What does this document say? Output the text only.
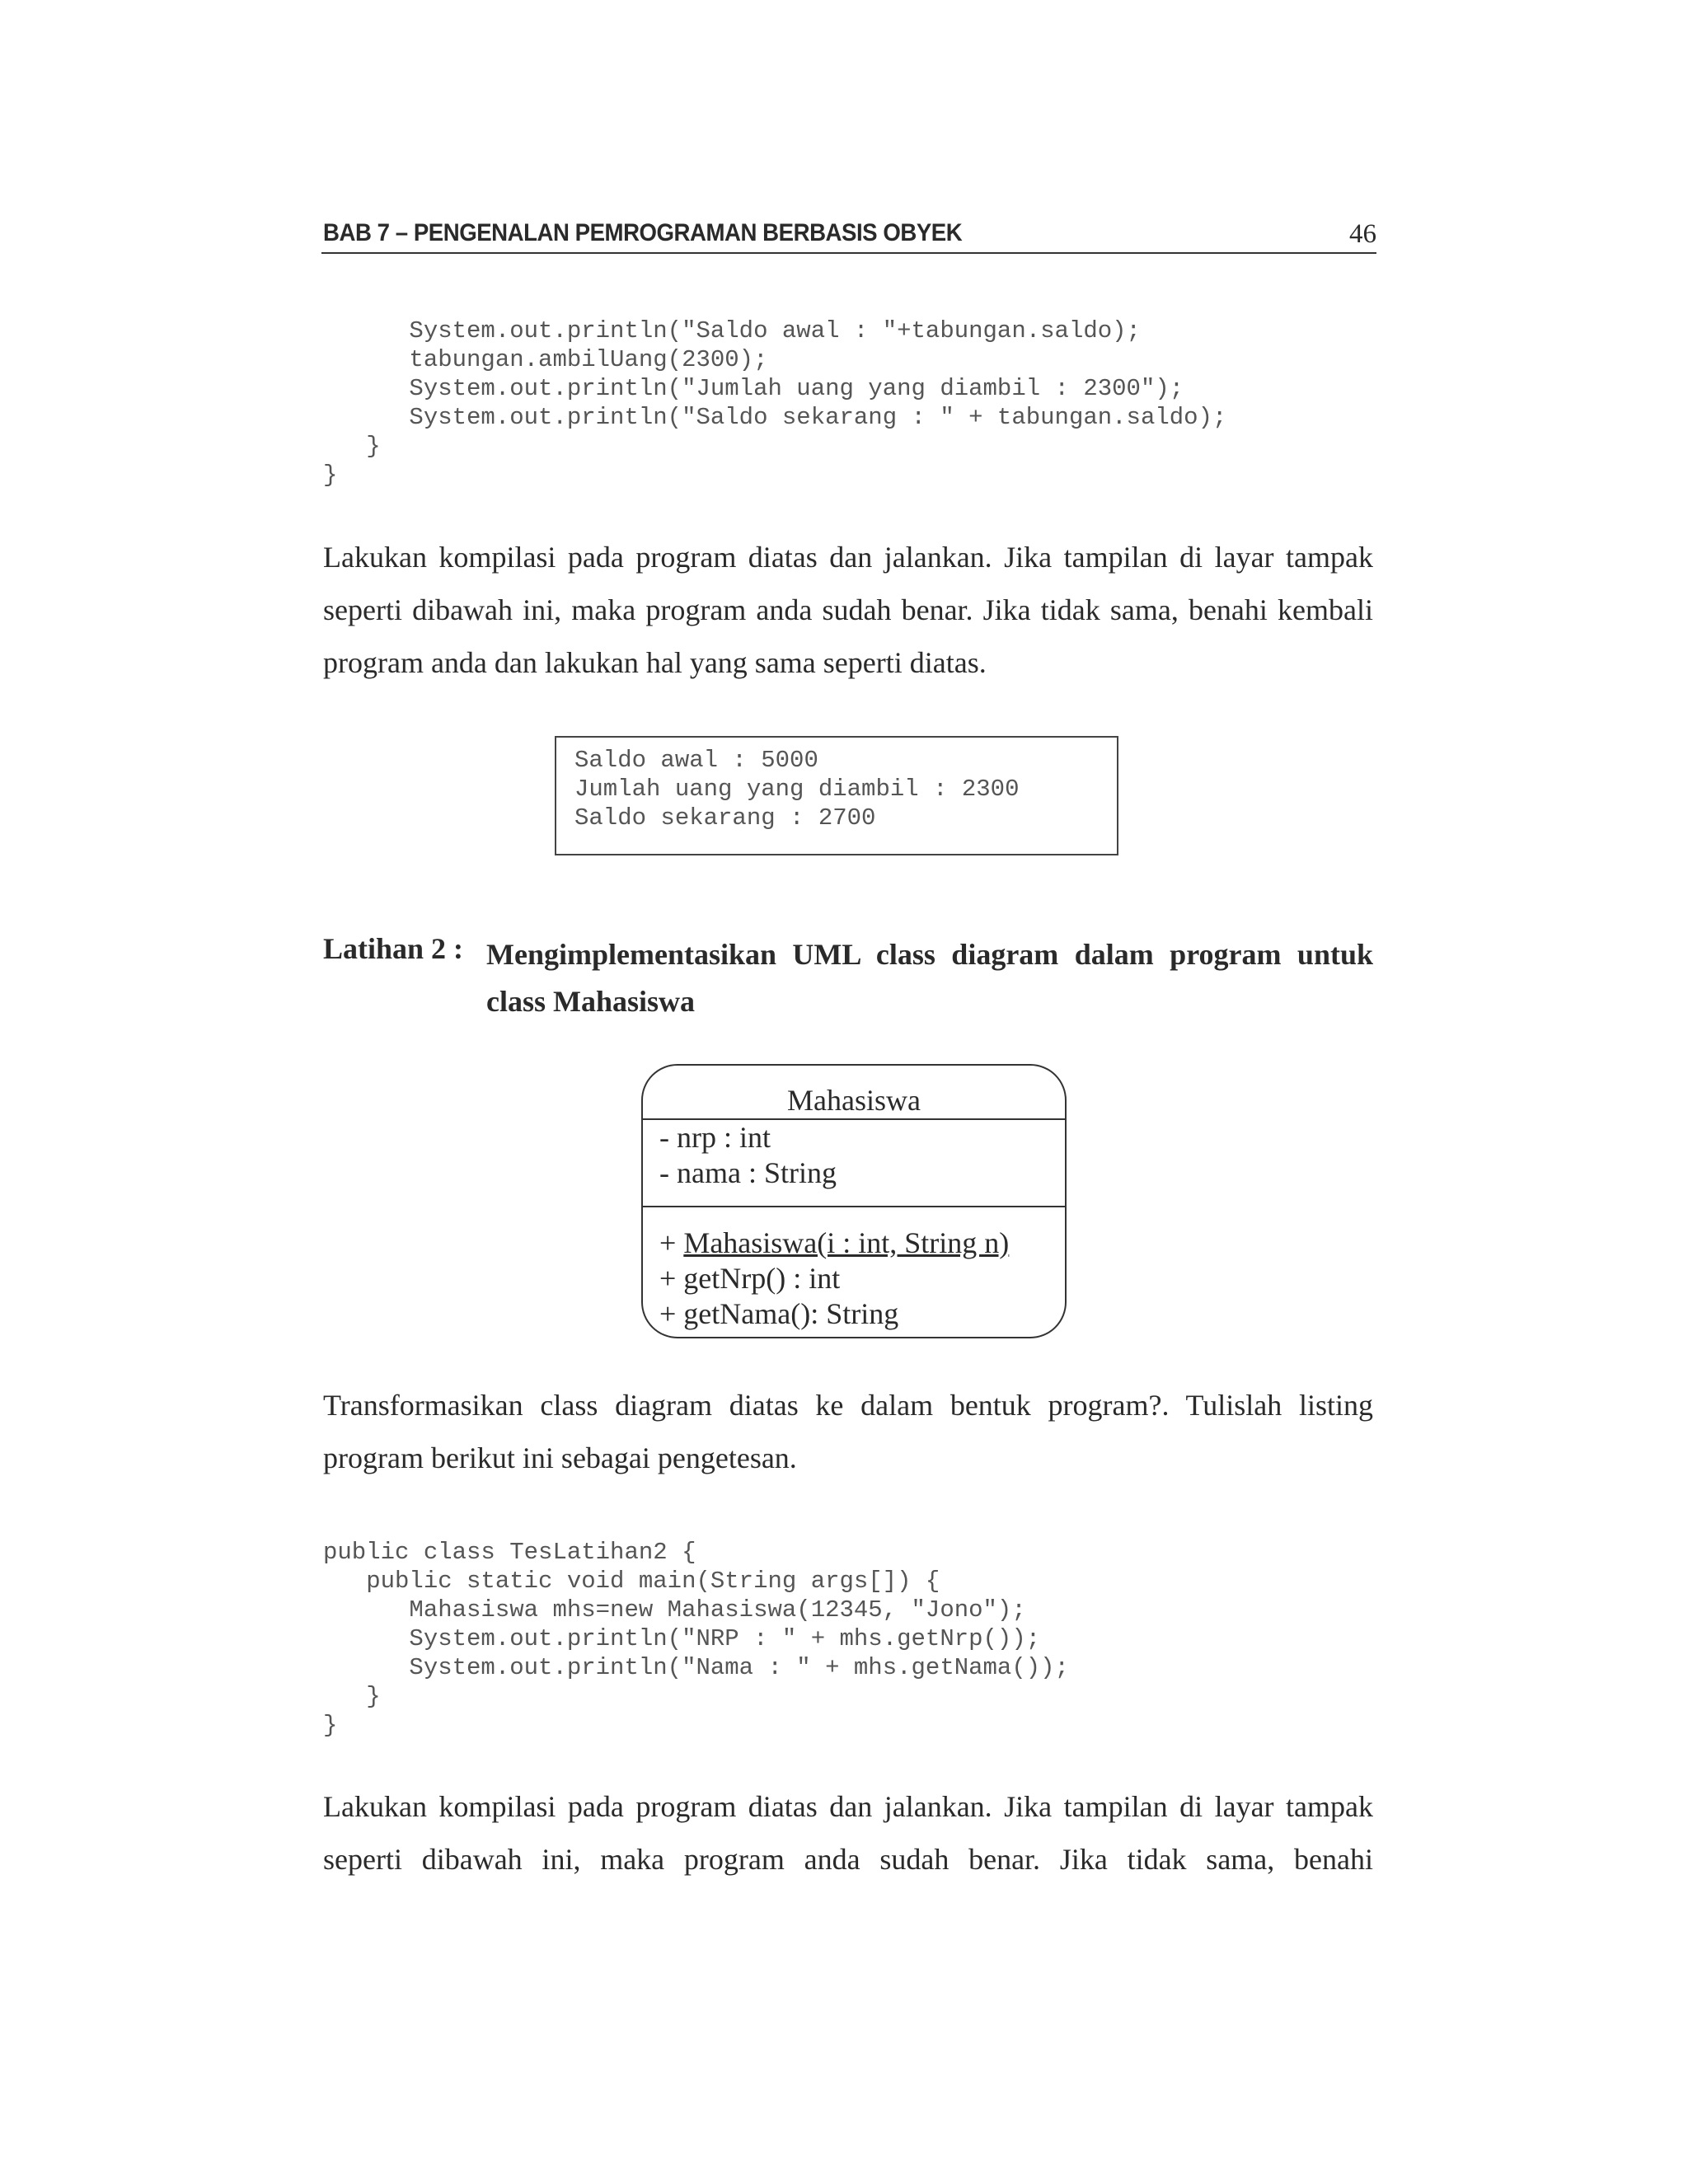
BAB 7 – PENGENALAN PEMROGRAMAN BERBASIS OBYEK	46
System.out.println("Saldo awal : "+tabungan.saldo);
tabungan.ambilUang(2300);
System.out.println("Jumlah uang yang diambil : 2300");
System.out.println("Saldo sekarang : " + tabungan.saldo);
}
}

Lakukan kompilasi pada program diatas dan jalankan. Jika tampilan di layar tampak seperti dibawah ini, maka program anda sudah benar. Jika tidak sama, benahi kembali program anda dan lakukan hal yang sama seperti diatas.

Saldo awal : 5000
Jumlah uang yang diambil : 2300
Saldo sekarang : 2700
Latihan 2 : Mengimplementasikan UML class diagram dalam program untuk class Mahasiswa
Mahasiswa
- nrp : int
- nama : String
+ Mahasiswa(i : int, String n)
+ getNrp() : int
+ getNama(): String

Transformasikan class diagram diatas ke dalam bentuk program?. Tulislah listing program berikut ini sebagai pengetesan.

public class TesLatihan2 {
public static void main(String args[]) {
Mahasiswa mhs=new Mahasiswa(12345, "Jono");
System.out.println("NRP : " + mhs.getNrp());
System.out.println("Nama : " + mhs.getNama());
}
}

Lakukan kompilasi pada program diatas dan jalankan. Jika tampilan di layar tampak seperti dibawah ini, maka program anda sudah benar. Jika tidak sama, benahi
